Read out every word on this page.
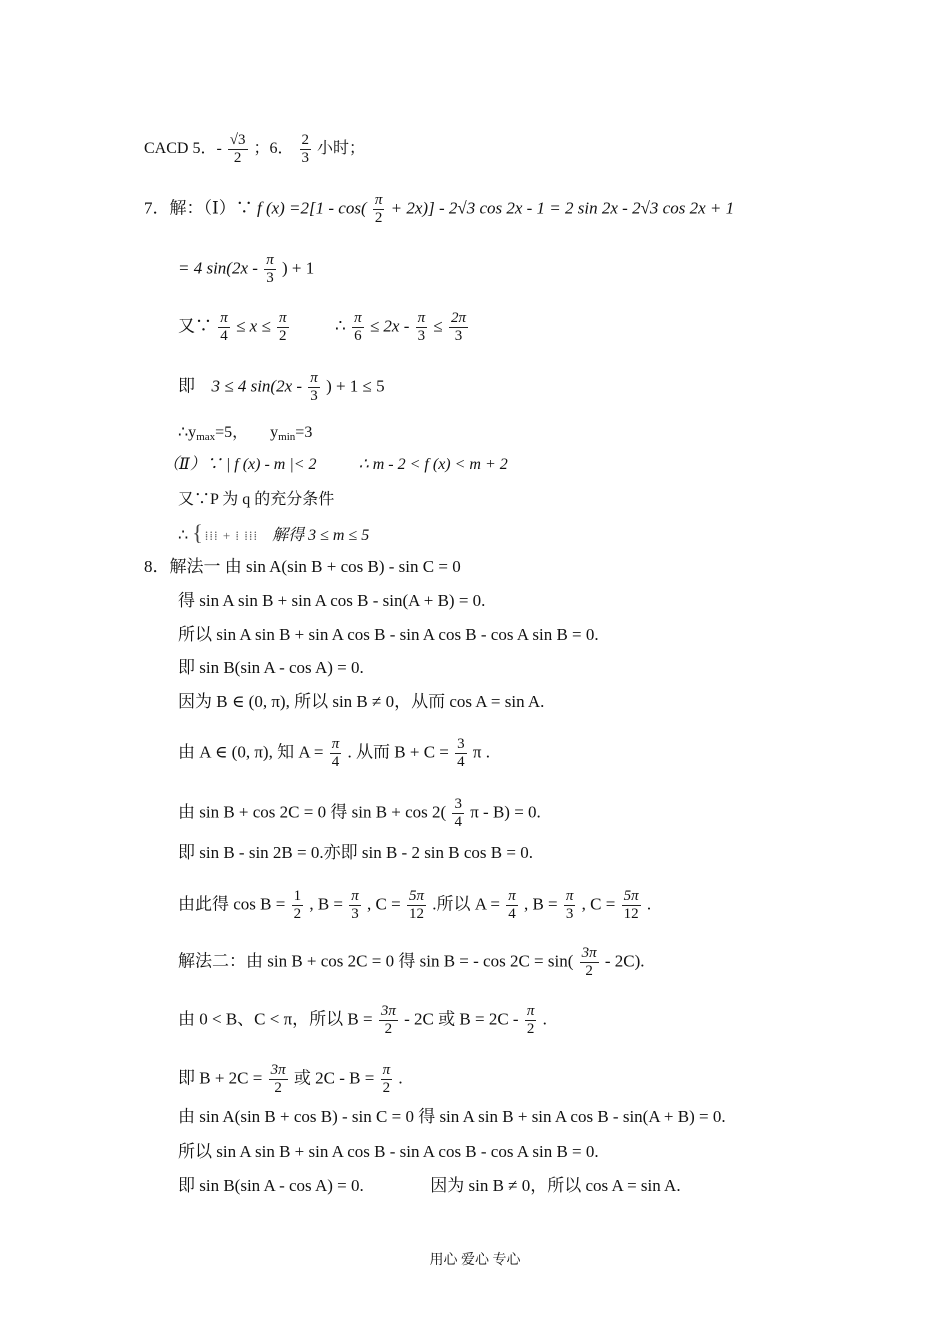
CACD 5．- $\frac{√3}{2}$ ；6． $\frac{2}{3}$ 小时；
7．解：（Ⅰ）∵ f $(x) =2[1 - \cos( \frac{\pi}{2} + 2x)] - 2√3$ cos 2x - 1 = 2 sin 2x - 2√3 cos 2x + 1
= 4 $\sin(2x - \frac{\pi}{3}$ ) + 1
又∵ $\frac{\pi}{4} \le x \le \frac{\pi}{2}$	∴ $\frac{\pi}{6} \le 2x - \frac{\pi}{3} \le \frac{2\pi}{3}$
即 3 ≤ 4 $\sin(2x - \frac{\pi}{3}$ ) + 1 ≤ 5
$\therefore y_{max}=5$， $y_{min}=3$
（Ⅱ）∵ | f (x) - m |< 2	∴ m - 2 < f (x) < m + 2
又∵P 为 q 的充分条件
∴ { ⁞⁞⁞ + ⁞ ⁞⁞⁞ 解得 3 ≤ m ≤ 5
8．解法一 由 sin A(sin B + cos B) - sin C = 0
得 sin A sin B + sin A cos B - sin(A + B) = 0.
所以 sin A sin B + sin A cos B - sin A cos B - cos A sin B = 0.
即 sin B(sin A - cos A) = 0.
因为 B ∈ (0, π), 所以 sin B ≠ 0，从而 cos A = sin A.
由 A ∈ (0, π), 知 $A = \frac{\pi}{4}$ . 从而 $B + C = \frac{3}{4}$ π .
由 sin B + cos 2C = 0 得 $\sin B + \cos 2( \frac{3}{4}$ π - B) = 0.
即 sin B - sin 2B = 0.亦即 sin B - 2 sin B cos B = 0.
由此得 $\cos B = \frac{1}{2}$ , $B = \frac{\pi}{3}$ , $C = \frac{5\pi}{12}$ .所以 $A = \frac{\pi}{4}$ , $B = \frac{\pi}{3}$ , $C = \frac{5\pi}{12}$ .
解法二：由 sin B + cos 2C = 0 得 sin B = - $\cos 2C = \sin( \frac{3\pi}{2} - 2C)$.
由 0 < B、C < π，所以 $B = \frac{3\pi}{2} - 2C$ 或 $B = 2C - \frac{\pi}{2}$ .
即 $B + 2C = \frac{3\pi}{2}$ 或 $2C - B = \frac{\pi}{2}$ .
由 sin A(sin B + cos B) - sin C = 0 得 sin A sin B + sin A cos B - sin(A + B) = 0.
所以 sin A sin B + sin A cos B - sin A cos B - cos A sin B = 0.
即 sin B(sin A - cos A) = 0.	因为 sin B ≠ 0，所以 cos A = sin A.
用心 爱心 专心
